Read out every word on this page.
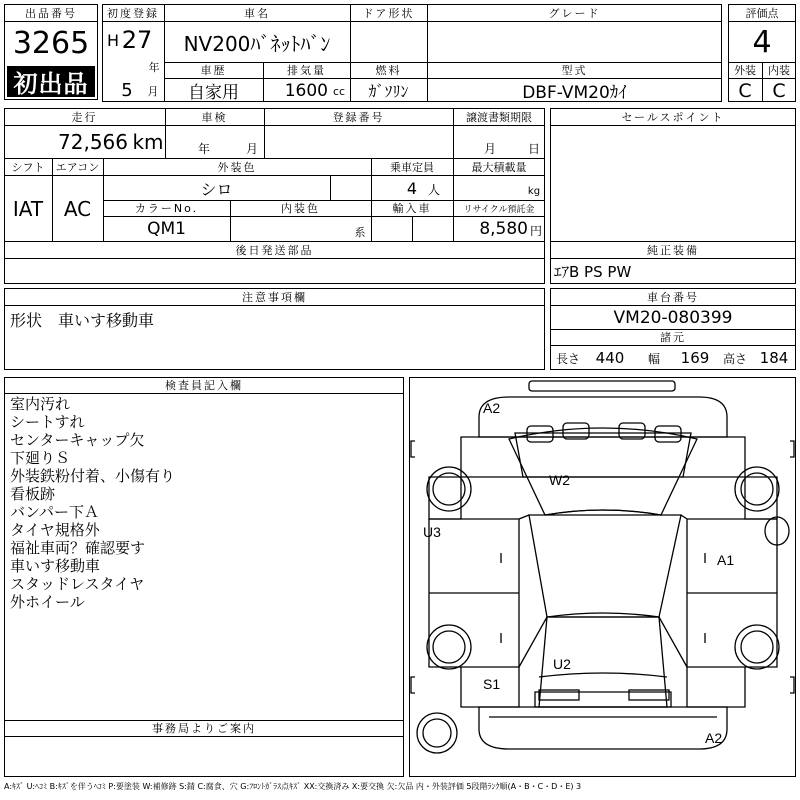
出品番号
3265
初出品
初度登録
H 27
年
5	月
車名
NV200ﾊﾞﾈｯﾄﾊﾞﾝ
ドア形状	グレード
車歴
自家用
排気量
1600 cc
燃料
ｶﾞｿﾘﾝ
型式
DBF-VM20ｶｲ
評価点
4
外装	内装
C	C
走行
72,566 km
車検
年	月
登録番号	譲渡書類期限
月	日
シフト
IAT
エアコン
AC
外装色
シロ
乗車定員
4 人
最大積載量
kg
カラーNo.
QM1
内装色
系
輸入車	リサイクル預託金
8,580 円
後日発送部品
セールスポイント
純正装備
ｴｱB PS PW
注意事項欄
形状　車いす移動車
車台番号
VM20-080399
諸元
長さ	440	幅	169	高さ 184
検査員記入欄
室内汚れ
シートすれ
センターキャップ欠
下廻りＳ
外装鉄粉付着、小傷有り
看板跡
バンパー下Ａ
タイヤ規格外
福祉車両？確認要す
車いす移動車
スタッドレスタイヤ
外ホイール
事務局よりご案内
A2
W2
U3
A1
U2
S1
A2
A:ｷｽﾞ U:ﾍｺﾐ B:ｷｽﾞを伴うﾍｺﾐ P:要塗装 W:補修跡 S:錆 C:腐食、穴 G:ﾌﾛﾝﾄｶﾞﾗｽ点ｷｽﾞ XX:交換済み X:要交換 欠:欠品 内・外装評価 5段階ﾗﾝｸ順(A・B・C・D・E) 3
